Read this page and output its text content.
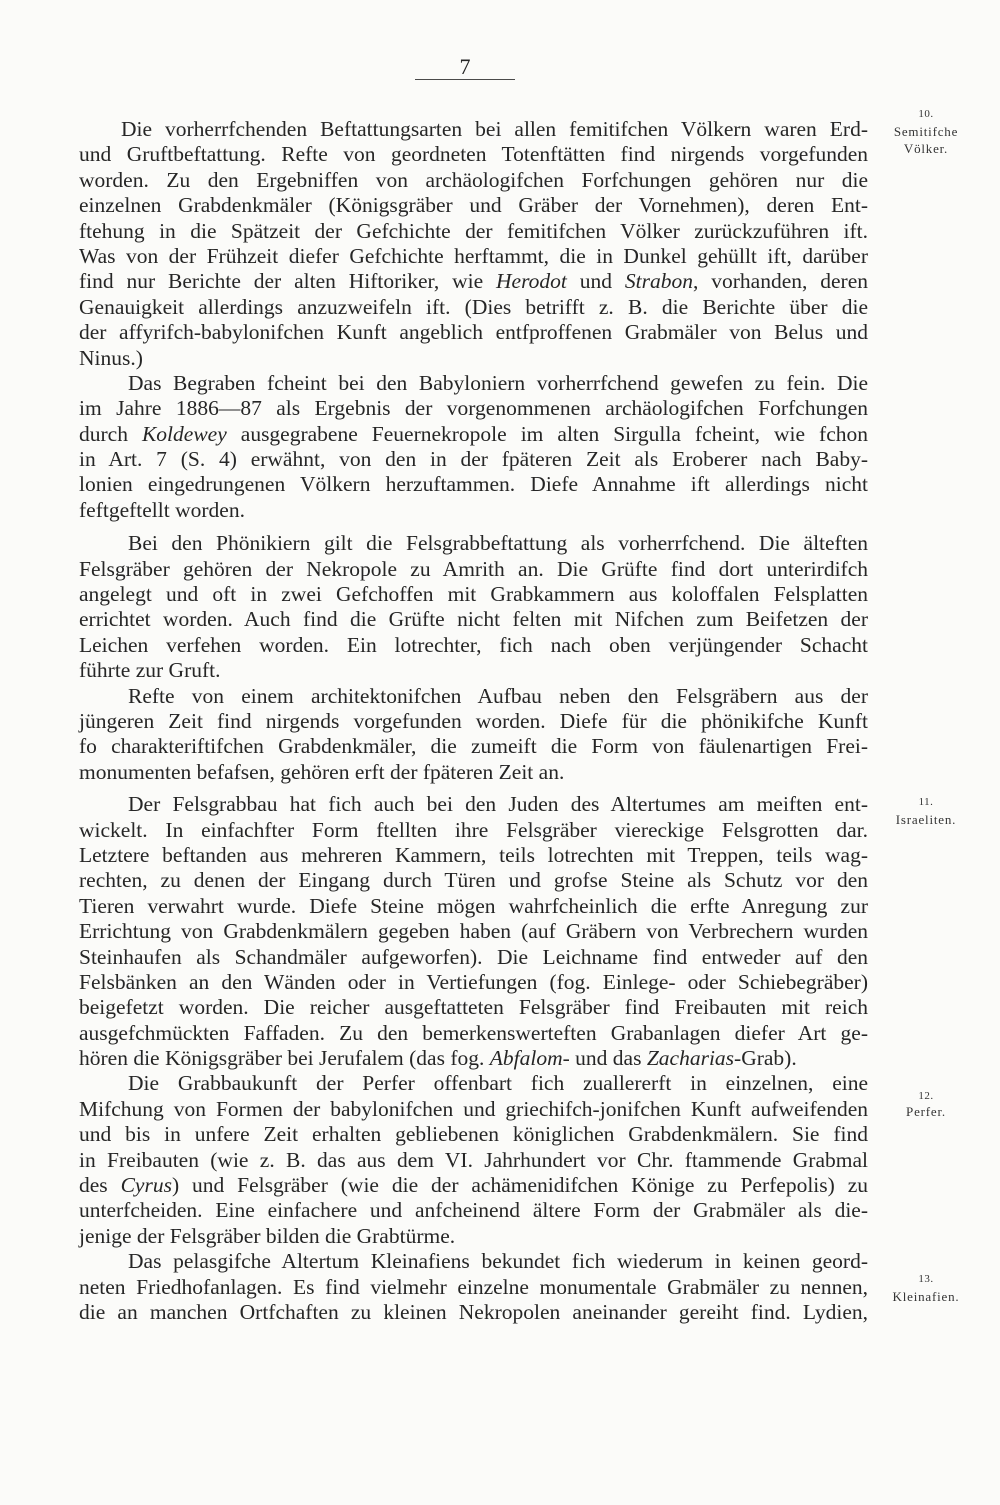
7
Die vorherrfchenden Beftattungsarten bei allen femitifchen Völkern waren Erd-
und Gruftbeftattung. Refte von geordneten Totenftätten find nirgends vorgefunden
worden. Zu den Ergebniffen von archäologifchen Forfchungen gehören nur die
einzelnen Grabdenkmäler (Königsgräber und Gräber der Vornehmen), deren Ent-
ftehung in die Spätzeit der Gefchichte der femitifchen Völker zurückzuführen ift.
Was von der Frühzeit diefer Gefchichte herftammt, die in Dunkel gehüllt ift, darüber
find nur Berichte der alten Hiftoriker, wie Herodot und Strabon, vorhanden, deren
Genauigkeit allerdings anzuzweifeln ift. (Dies betrifft z. B. die Berichte über die
der affyrifch-babylonifchen Kunft angeblich entfproffenen Grabmäler von Belus und
Ninus.)
Das Begraben fcheint bei den Babyloniern vorherrfchend gewefen zu fein. Die
im Jahre 1886—87 als Ergebnis der vorgenommenen archäologifchen Forfchungen
durch Koldewey ausgegrabene Feuernekropole im alten Sirgulla fcheint, wie fchon
in Art. 7 (S. 4) erwähnt, von den in der fpäteren Zeit als Eroberer nach Baby-
lonien eingedrungenen Völkern herzuftammen. Diefe Annahme ift allerdings nicht
feftgeftellt worden.
Bei den Phönikiern gilt die Felsgrabbeftattung als vorherrfchend. Die älteften
Felsgräber gehören der Nekropole zu Amrith an. Die Grüfte find dort unterirdifch
angelegt und oft in zwei Gefchoffen mit Grabkammern aus koloffalen Felsplatten
errichtet worden. Auch find die Grüfte nicht felten mit Nifchen zum Beifetzen der
Leichen verfehen worden. Ein lotrechter, fich nach oben verjüngender Schacht
führte zur Gruft.
Refte von einem architektonifchen Aufbau neben den Felsgräbern aus der
jüngeren Zeit find nirgends vorgefunden worden. Diefe für die phönikifche Kunft
fo charakteriftifchen Grabdenkmäler, die zumeift die Form von fäulenartigen Frei-
monumenten befafsen, gehören erft der fpäteren Zeit an.
Der Felsgrabbau hat fich auch bei den Juden des Altertumes am meiften ent-
wickelt. In einfachfter Form ftellten ihre Felsgräber viereckige Felsgrotten dar.
Letztere beftanden aus mehreren Kammern, teils lotrechten mit Treppen, teils wag-
rechten, zu denen der Eingang durch Türen und grofse Steine als Schutz vor den
Tieren verwahrt wurde. Diefe Steine mögen wahrfcheinlich die erfte Anregung zur
Errichtung von Grabdenkmälern gegeben haben (auf Gräbern von Verbrechern wurden
Steinhaufen als Schandmäler aufgeworfen). Die Leichname find entweder auf den
Felsbänken an den Wänden oder in Vertiefungen (fog. Einlege- oder Schiebegräber)
beigefetzt worden. Die reicher ausgeftatteten Felsgräber find Freibauten mit reich
ausgefchmückten Faffaden. Zu den bemerkenswerteften Grabanlagen diefer Art ge-
hören die Königsgräber bei Jerufalem (das fog. Abfalom- und das Zacharias-Grab).
Die Grabbaukunft der Perfer offenbart fich zuallererft in einzelnen, eine
Mifchung von Formen der babylonifchen und griechifch-jonifchen Kunft aufweifenden
und bis in unfere Zeit erhalten gebliebenen königlichen Grabdenkmälern. Sie find
in Freibauten (wie z. B. das aus dem VI. Jahrhundert vor Chr. ftammende Grabmal
des Cyrus) und Felsgräber (wie die der achämenidifchen Könige zu Perfepolis) zu
unterfcheiden. Eine einfachere und anfcheinend ältere Form der Grabmäler als die-
jenige der Felsgräber bilden die Grabtürme.
Das pelasgifche Altertum Kleinafiens bekundet fich wiederum in keinen geord-
neten Friedhofanlagen. Es find vielmehr einzelne monumentale Grabmäler zu nennen,
die an manchen Ortfchaften zu kleinen Nekropolen aneinander gereiht find. Lydien,
10.
Semitifche
Völker.
11.
Israeliten.
12.
Perfer.
13.
Kleinafien.
